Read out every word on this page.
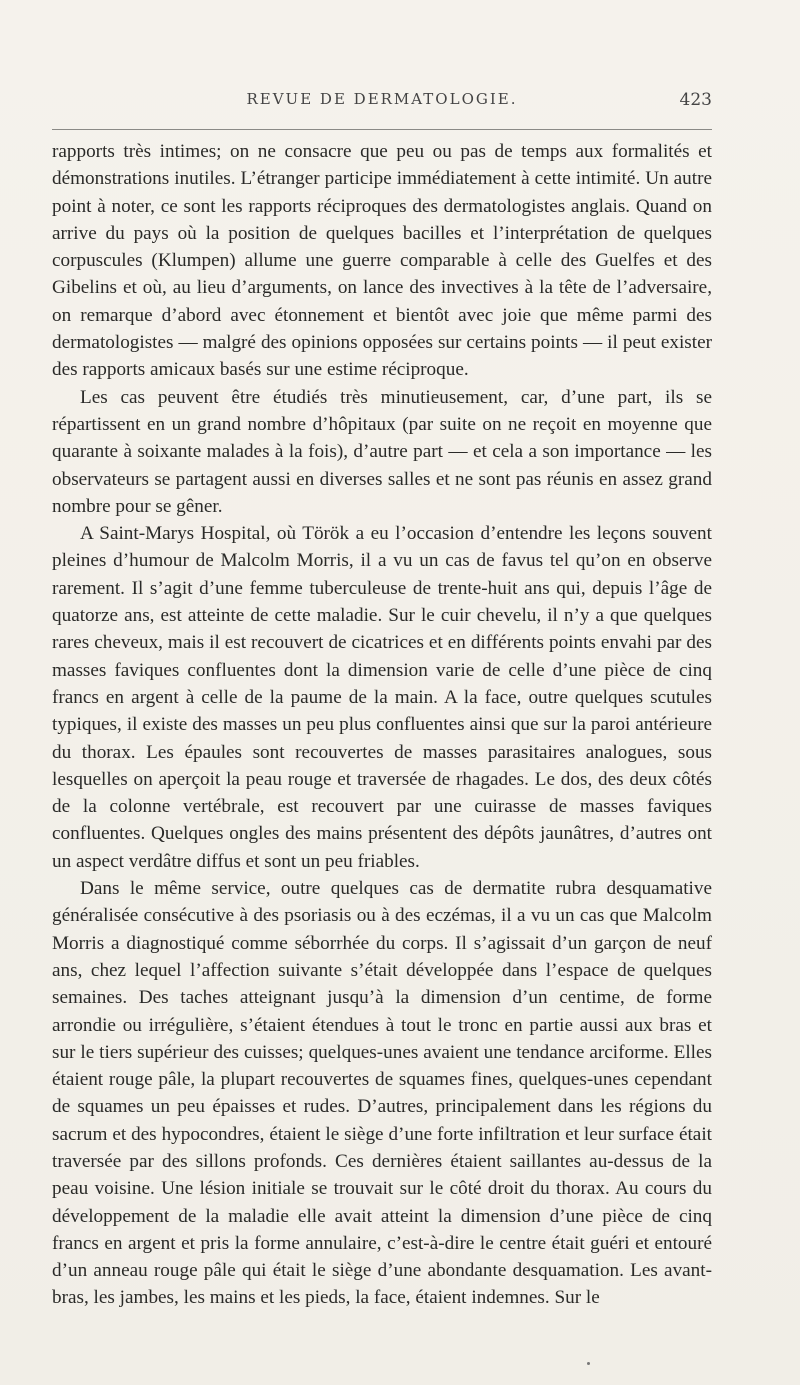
REVUE DE DERMATOLOGIE.	423

rapports très intimes; on ne consacre que peu ou pas de temps aux formalités et démonstrations inutiles. L’étranger participe immédiatement à cette intimité. Un autre point à noter, ce sont les rapports réciproques des dermatologistes anglais. Quand on arrive du pays où la position de quelques bacilles et l’interprétation de quelques corpuscules (Klumpen) allume une guerre comparable à celle des Guelfes et des Gibelins et où, au lieu d’arguments, on lance des invectives à la tête de l’adversaire, on remarque d’abord avec étonnement et bientôt avec joie que même parmi des dermatologistes — malgré des opinions opposées sur certains points — il peut exister des rapports amicaux basés sur une estime réciproque.

Les cas peuvent être étudiés très minutieusement, car, d’une part, ils se répartissent en un grand nombre d’hôpitaux (par suite on ne reçoit en moyenne que quarante à soixante malades à la fois), d’autre part — et cela a son importance — les observateurs se partagent aussi en diverses salles et ne sont pas réunis en assez grand nombre pour se gêner.

A Saint-Marys Hospital, où Török a eu l’occasion d’entendre les leçons souvent pleines d’humour de Malcolm Morris, il a vu un cas de favus tel qu’on en observe rarement. Il s’agit d’une femme tuberculeuse de trente-huit ans qui, depuis l’âge de quatorze ans, est atteinte de cette maladie. Sur le cuir chevelu, il n’y a que quelques rares cheveux, mais il est recouvert de cicatrices et en différents points envahi par des masses faviques confluentes dont la dimension varie de celle d’une pièce de cinq francs en argent à celle de la paume de la main. A la face, outre quelques scutules typiques, il existe des masses un peu plus confluentes ainsi que sur la paroi antérieure du thorax. Les épaules sont recouvertes de masses parasitaires analogues, sous lesquelles on aperçoit la peau rouge et traversée de rhagades. Le dos, des deux côtés de la colonne vertébrale, est recouvert par une cuirasse de masses faviques confluentes. Quelques ongles des mains présentent des dépôts jaunâtres, d’autres ont un aspect verdâtre diffus et sont un peu friables.

Dans le même service, outre quelques cas de dermatite rubra desquamative généralisée consécutive à des psoriasis ou à des eczémas, il a vu un cas que Malcolm Morris a diagnostiqué comme séborrhée du corps. Il s’agissait d’un garçon de neuf ans, chez lequel l’affection suivante s’était développée dans l’espace de quelques semaines. Des taches atteignant jusqu’à la dimension d’un centime, de forme arrondie ou irrégulière, s’étaient étendues à tout le tronc en partie aussi aux bras et sur le tiers supérieur des cuisses; quelques-unes avaient une tendance arciforme. Elles étaient rouge pâle, la plupart recouvertes de squames fines, quelques-unes cependant de squames un peu épaisses et rudes. D’autres, principalement dans les régions du sacrum et des hypocondres, étaient le siège d’une forte infiltration et leur surface était traversée par des sillons profonds. Ces dernières étaient saillantes au-dessus de la peau voisine. Une lésion initiale se trouvait sur le côté droit du thorax. Au cours du développement de la maladie elle avait atteint la dimension d’une pièce de cinq francs en argent et pris la forme annulaire, c’est-à-dire le centre était guéri et entouré d’un anneau rouge pâle qui était le siège d’une abondante desquamation. Les avant-bras, les jambes, les mains et les pieds, la face, étaient indemnes. Sur le
